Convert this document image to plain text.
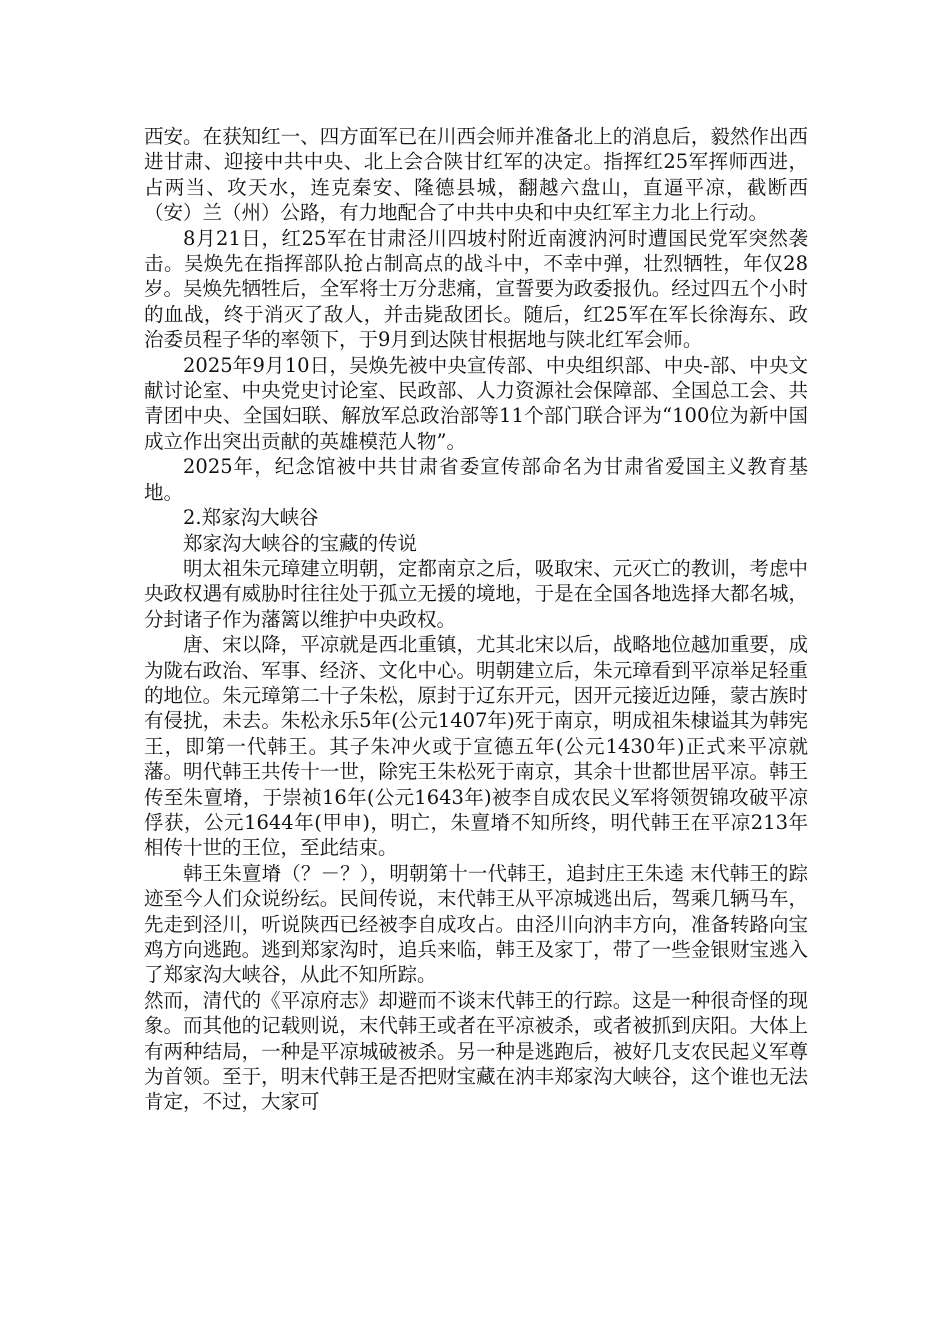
西安。在获知红一、四方面军已在川西会师并准备北上的消息后，毅然作出西进甘肃、迎接中共中央、北上会合陕甘红军的决定。指挥红25军挥师西进，占两当、攻天水，连克秦安、隆德县城，翻越六盘山，直逼平凉，截断西（安）兰（州）公路，有力地配合了中共中央和中央红军主力北上行动。

8月21日，红25军在甘肃泾川四坡村附近南渡汭河时遭国民党军突然袭击。吴焕先在指挥部队抢占制高点的战斗中，不幸中弹，壮烈牺牲，年仅28岁。吴焕先牺牲后，全军将士万分悲痛，宣誓要为政委报仇。经过四五个小时的血战，终于消灭了敌人，并击毙敌团长。随后，红25军在军长徐海东、政治委员程子华的率领下，于9月到达陕甘根据地与陕北红军会师。

2025年9月10日，吴焕先被中央宣传部、中央组织部、中央-部、中央文献讨论室、中央党史讨论室、民政部、人力资源社会保障部、全国总工会、共青团中央、全国妇联、解放军总政治部等11个部门联合评为“100位为新中国成立作出突出贡献的英雄模范人物”。

2025年，纪念馆被中共甘肃省委宣传部命名为甘肃省爱国主义教育基地。

2.郑家沟大峡谷

郑家沟大峡谷的宝藏的传说

明太祖朱元璋建立明朝，定都南京之后，吸取宋、元灭亡的教训，考虑中央政权遇有威胁时往往处于孤立无援的境地，于是在全国各地选择大都名城，分封诸子作为藩篱以维护中央政权。

唐、宋以降，平凉就是西北重镇，尤其北宋以后，战略地位越加重要，成为陇右政治、军事、经济、文化中心。明朝建立后，朱元璋看到平凉举足轻重的地位。朱元璋第二十子朱松，原封于辽东开元，因开元接近边陲，蒙古族时有侵扰，未去。朱松永乐5年(公元1407年)死于南京，明成祖朱棣谥其为韩宪王，即第一代韩王。其子朱冲火或于宣德五年(公元1430年)正式来平凉就藩。明代韩王共传十一世，除宪王朱松死于南京，其余十世都世居平凉。韩王传至朱亶塉，于崇祯16年(公元1643年)被李自成农民义军将领贺锦攻破平凉俘获，公元1644年(甲申)，明亡，朱亶塉不知所终，明代韩王在平凉213年相传十世的王位，至此结束。

韩王朱亶塉（？－？），明朝第十一代韩王，追封庄王朱逵 末代韩王的踪迹至今人们众说纷纭。民间传说，末代韩王从平凉城逃出后，驾乘几辆马车，先走到泾川，听说陕西已经被李自成攻占。由泾川向汭丰方向，准备转路向宝鸡方向逃跑。逃到郑家沟时，追兵来临，韩王及家丁，带了一些金银财宝逃入了郑家沟大峡谷，从此不知所踪。

然而，清代的《平凉府志》却避而不谈末代韩王的行踪。这是一种很奇怪的现象。而其他的记载则说，末代韩王或者在平凉被杀，或者被抓到庆阳。大体上有两种结局，一种是平凉城破被杀。另一种是逃跑后，被好几支农民起义军尊为首领。至于，明末代韩王是否把财宝藏在汭丰郑家沟大峡谷，这个谁也无法肯定，不过，大家可
